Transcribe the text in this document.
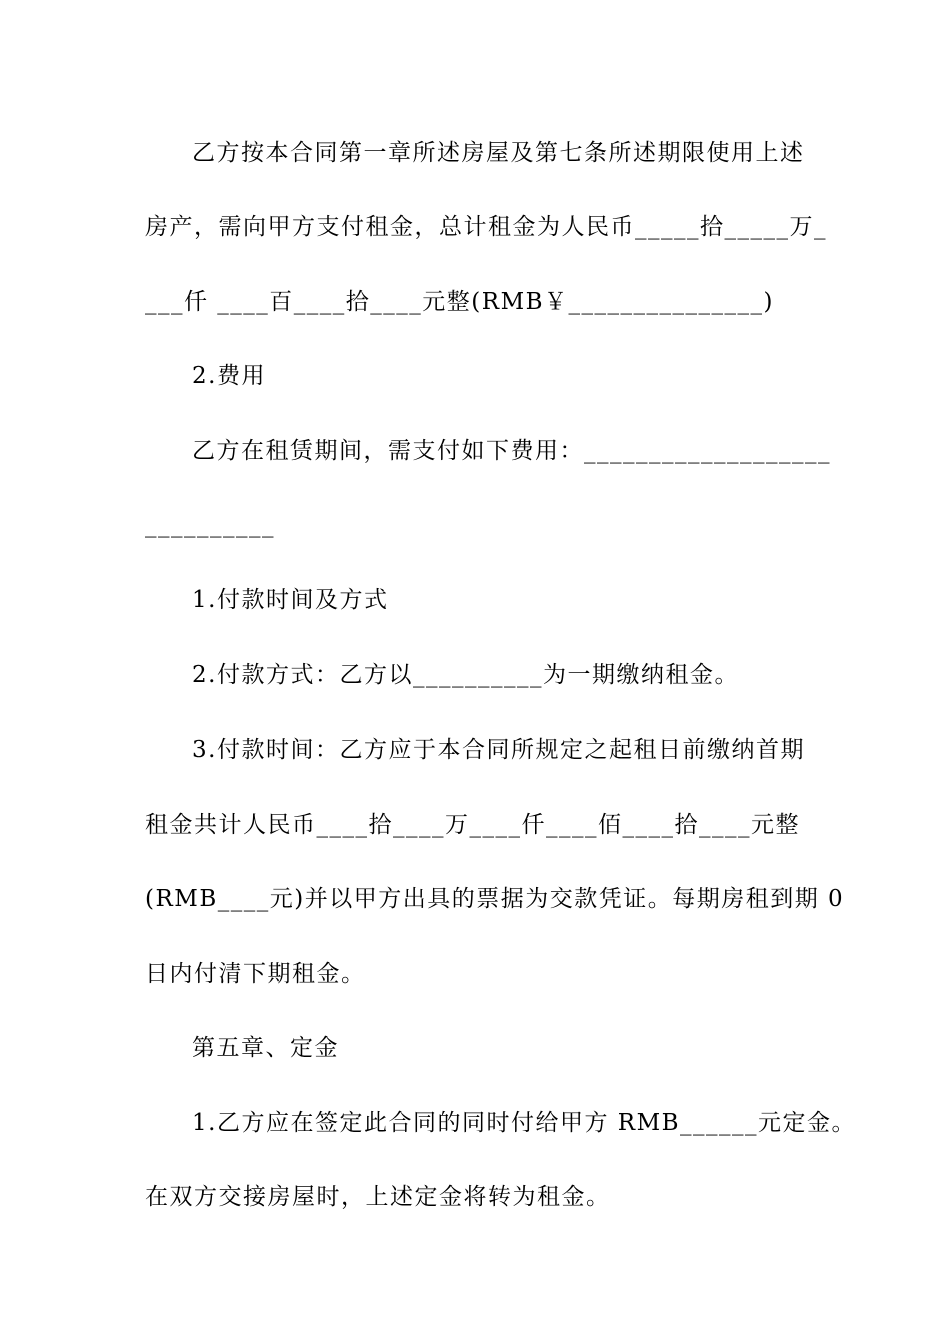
乙方按本合同第一章所述房屋及第七条所述期限使用上述
房产，需向甲方支付租金，总计租金为人民币_____拾_____万_
___仟 ____百____拾____元整(RMB￥_______________)
2.费用
乙方在租赁期间，需支付如下费用：___________________
__________
1.付款时间及方式
2.付款方式：乙方以__________为一期缴纳租金。
3.付款时间：乙方应于本合同所规定之起租日前缴纳首期
租金共计人民币____拾____万____仟____佰____拾____元整
(RMB____元)并以甲方出具的票据为交款凭证。每期房租到期 0
日内付清下期租金。
第五章、定金
1.乙方应在签定此合同的同时付给甲方 RMB______元定金。
在双方交接房屋时，上述定金将转为租金。
